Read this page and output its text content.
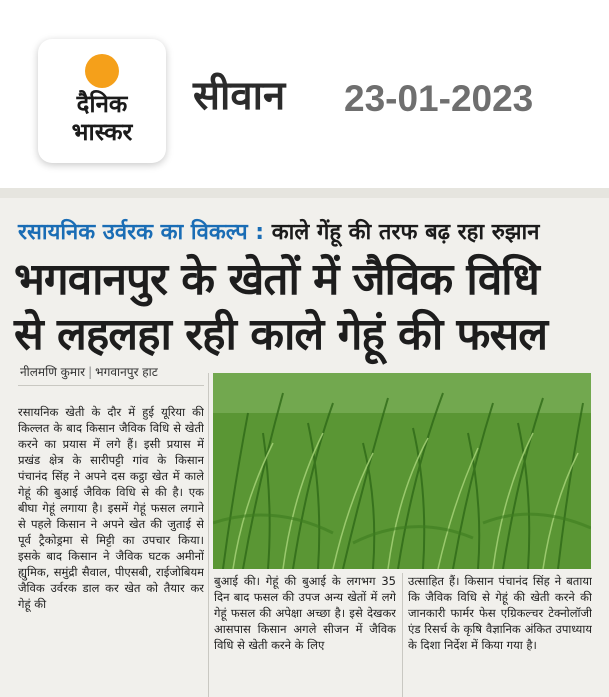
दैनिक
भास्कर
सीवान 23-01-2023
रसायनिक उर्वरक का विकल्प : काले गेंहू की तरफ बढ़ रहा रुझान
भगवानपुर के खेतों में जैविक विधि
से लहलहा रही काले गेहूं की फसल
नीलमणि कुमार | भगवानपुर हाट

रसायनिक खेती के दौर में हुई यूरिया की किल्लत के बाद किसान जैविक विधि से खेती करने का प्रयास में लगे हैं। इसी प्रयास में प्रखंड क्षेत्र के सारीपट्टी गांव के किसान पंचानंद सिंह ने अपने दस कट्ठा खेत में काले गेहूं की बुआई जैविक विधि से की है। एक बीघा गेहूं लगाया है। इसमें गेहूं फसल लगाने से पहले किसान ने अपने खेत की जुताई से पूर्व ट्रैकोड्रमा से मिट्टी का उपचार किया। इसके बाद किसान ने जैविक घटक अमीनों ह्युमिक, समुंद्री सैवाल, पीएसबी, राईजोबियम जैविक उर्वरक डाल कर खेत को तैयार कर गेहूं की

बुआई की। गेहूं की बुआई के लगभग 35 दिन बाद फसल की उपज अन्य खेतों में लगे गेहूं फसल की अपेक्षा अच्छा है। इसे देखकर आसपास किसान अगले सीजन में जैविक विधि से खेती करने के लिए

उत्साहित हैं। किसान पंचानंद सिंह ने बताया कि जैविक विधि से गेहूं की खेती करने की जानकारी फार्मर फेस एग्रिकल्चर टेक्नोलॉजी एंड रिसर्च के कृषि वैज्ञानिक अंकित उपाध्याय के दिशा निर्देश में किया गया है।
